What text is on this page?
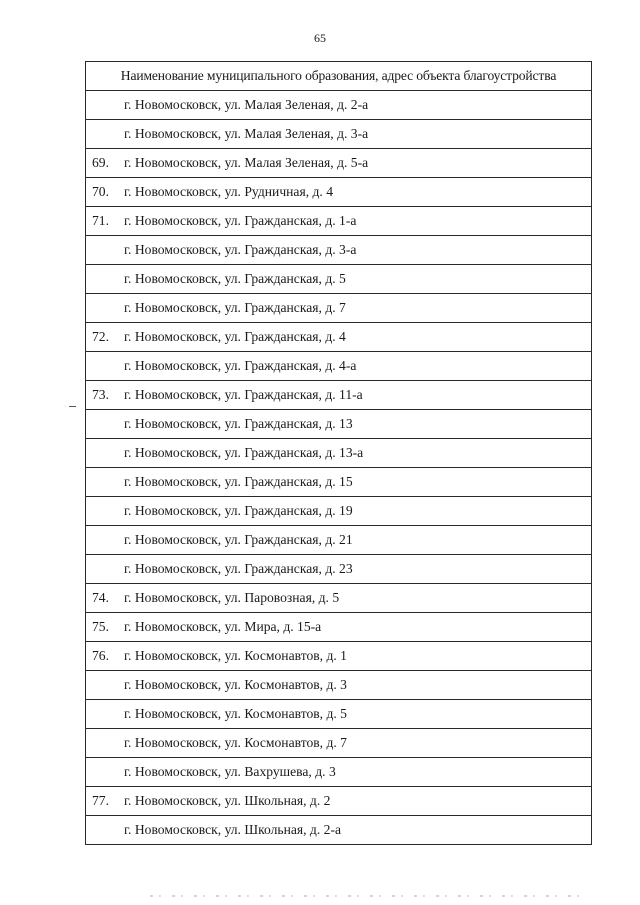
65
Наименование муниципального образования, адрес объекта благоустройства
г. Новомосковск, ул. Малая Зеленая, д. 2-а
г. Новомосковск, ул. Малая Зеленая, д. 3-а
69. г. Новомосковск, ул. Малая Зеленая, д. 5-а
70. г. Новомосковск, ул. Рудничная, д. 4
71. г. Новомосковск, ул. Гражданская, д. 1-а
г. Новомосковск, ул. Гражданская, д. 3-а
г. Новомосковск, ул. Гражданская, д. 5
г. Новомосковск, ул. Гражданская, д. 7
72. г. Новомосковск, ул. Гражданская, д. 4
г. Новомосковск, ул. Гражданская, д. 4-а
73. г. Новомосковск, ул. Гражданская, д. 11-а
г. Новомосковск, ул. Гражданская, д. 13
г. Новомосковск, ул. Гражданская, д. 13-а
г. Новомосковск, ул. Гражданская, д. 15
г. Новомосковск, ул. Гражданская, д. 19
г. Новомосковск, ул. Гражданская, д. 21
г. Новомосковск, ул. Гражданская, д. 23
74. г. Новомосковск, ул. Паровозная, д. 5
75. г. Новомосковск, ул. Мира, д. 15-а
76. г. Новомосковск, ул. Космонавтов, д. 1
г. Новомосковск, ул. Космонавтов, д. 3
г. Новомосковск, ул. Космонавтов, д. 5
г. Новомосковск, ул. Космонавтов, д. 7
г. Новомосковск, ул. Вахрушева, д. 3
77. г. Новомосковск, ул. Школьная, д. 2
г. Новомосковск, ул. Школьная, д. 2-а
